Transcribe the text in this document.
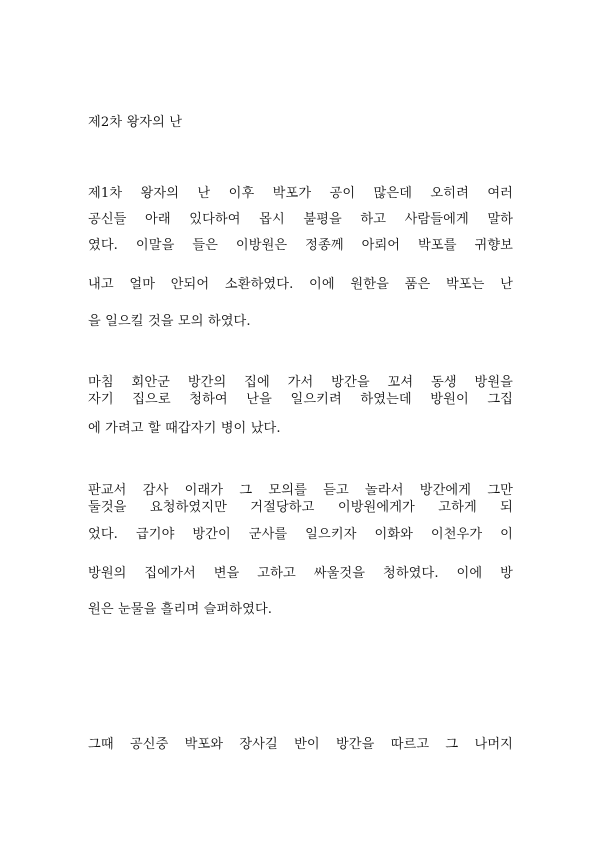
제2차 왕자의 난
제1차 왕자의 난 이후 박포가 공이 많은데 오히려 여러
공신들 아래 있다하여 몹시 불평을 하고 사람들에게 말하
였다. 이말을 들은 이방원은 정종께 아뢰어 박포를 귀향보
내고 얼마 안되어 소환하였다. 이에 원한을 품은 박포는 난
을 일으킬 것을 모의 하였다.
마침 회안군 방간의 집에 가서 방간을 꼬셔 동생 방원을
자기 집으로 청하여 난을 일으키려 하였는데 방원이 그집
에 가려고 할 때갑자기 병이 났다.
판교서 감사 이래가 그 모의를 듣고 놀라서 방간에게 그만
둘것을 요청하였지만 거절당하고 이방원에게가 고하게 되
었다. 급기야 방간이 군사를 일으키자 이화와 이천우가 이
방원의 집에가서 변을 고하고 싸울것을 청하였다. 이에 방
원은 눈물을 흘리며 슬퍼하였다.
그때 공신중 박포와 장사길 반이 방간을 따르고 그 나머지
